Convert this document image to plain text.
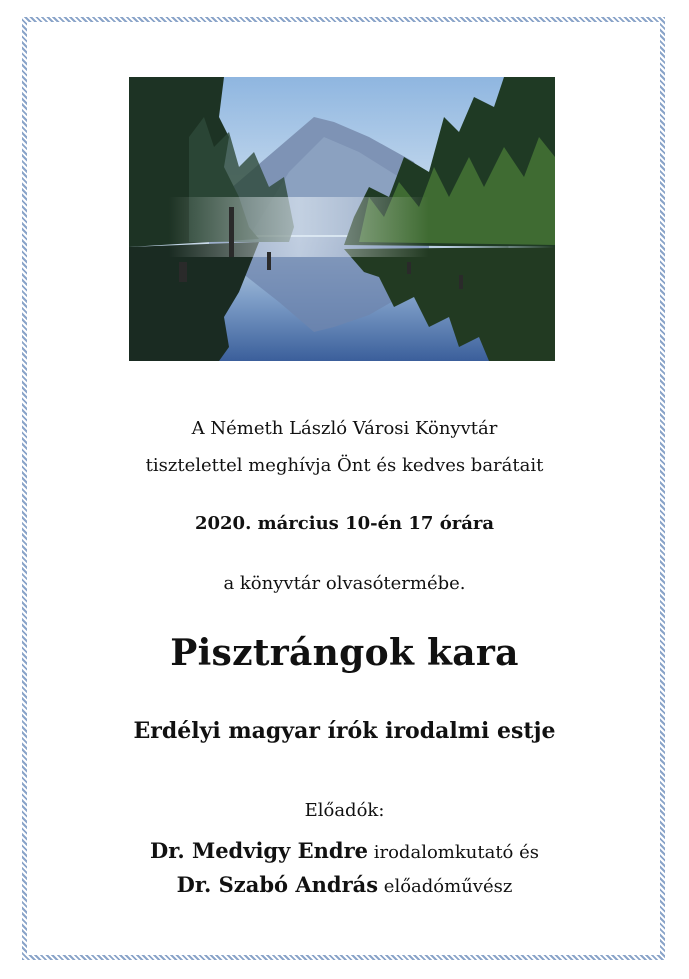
A Németh László Városi Könyvtár
tisztelettel meghívja Önt és kedves barátait
2020. március 10-én 17 órára
a könyvtár olvasótermébe.
Pisztrángok kara
Erdélyi magyar írók irodalmi estje
Előadók:
Dr. Medvigy Endre irodalomkutató és
Dr. Szabó András előadóművész
